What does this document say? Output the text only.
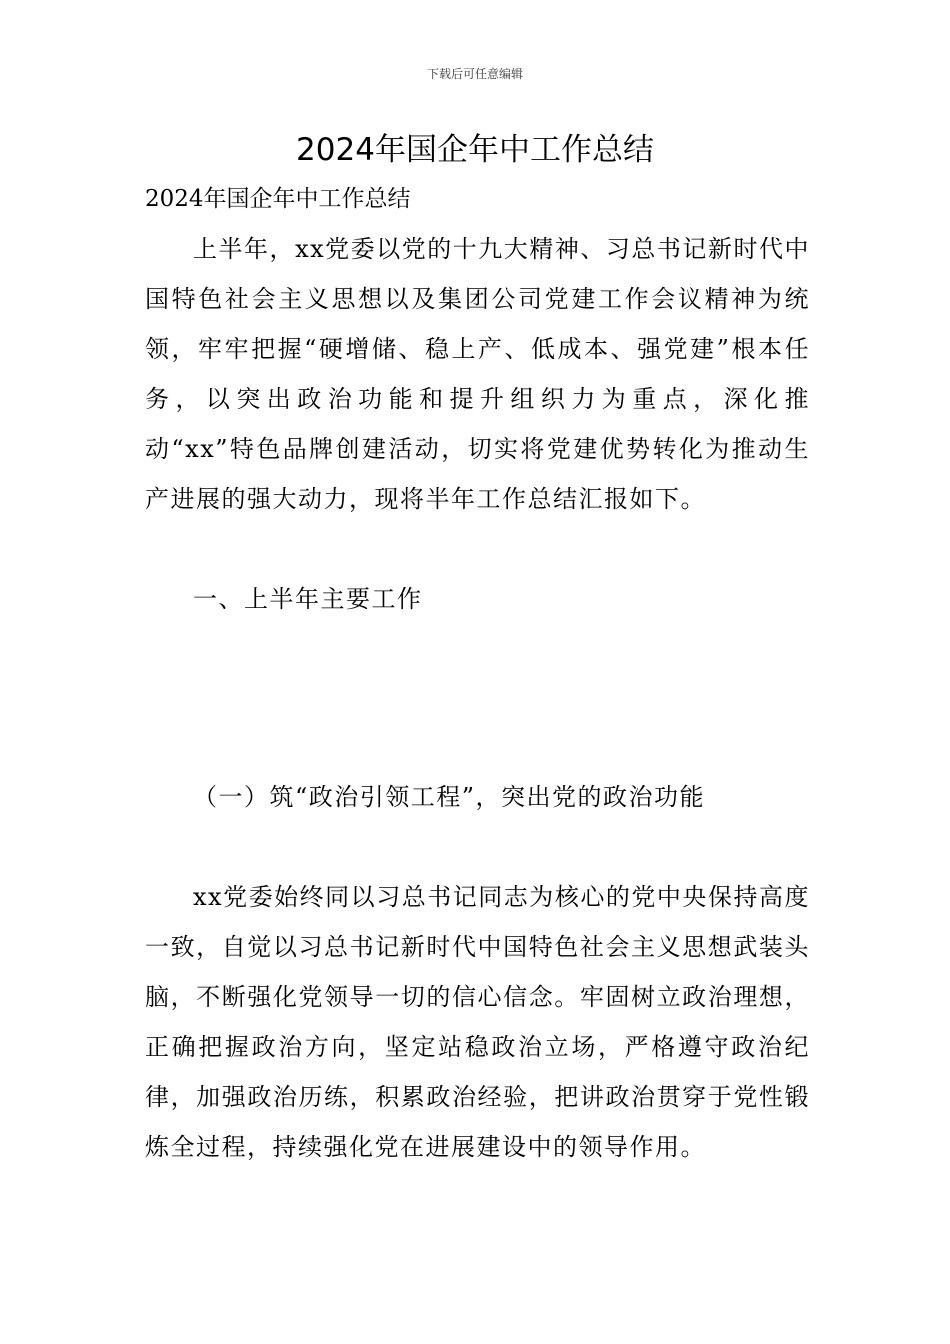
下载后可任意编辑
2024年国企年中工作总结

2024年国企年中工作总结

上半年，xx党委以党的十九大精神、习总书记新时代中国特色社会主义思想以及集团公司党建工作会议精神为统领，牢牢把握“硬增储、稳上产、低成本、强党建”根本任务，以突出政治功能和提升组织力为重点，深化推动“xx”特色品牌创建活动，切实将党建优势转化为推动生产进展的强大动力，现将半年工作总结汇报如下。

一、上半年主要工作
（一）筑“政治引领工程”，突出党的政治功能

xx党委始终同以习总书记同志为核心的党中央保持高度一致，自觉以习总书记新时代中国特色社会主义思想武装头脑，不断强化党领导一切的信心信念。牢固树立政治理想，正确把握政治方向，坚定站稳政治立场，严格遵守政治纪律，加强政治历练，积累政治经验，把讲政治贯穿于党性锻炼全过程，持续强化党在进展建设中的领导作用。
